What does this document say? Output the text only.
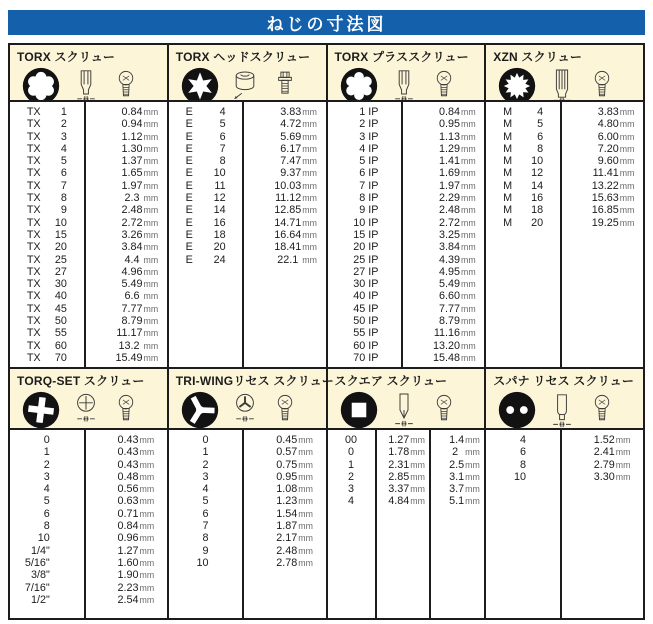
ねじの寸法図
TORX スクリュー
TX 1
TX 2
TX 3
TX 4
TX 5
TX 6
TX 7
TX 8
TX 9
TX 10
TX 15
TX 20
TX 25
TX 27
TX 30
TX 40
TX 45
TX 50
TX 55
TX 60
TX 70
0.84 mm
0.94 mm
1.12 mm
1.30 mm
1.37 mm
1.65 mm
1.97 mm
2.3 mm
2.48 mm
2.72 mm
3.26 mm
3.84 mm
4.4 mm
4.96 mm
5.49 mm
6.6 mm
7.77 mm
8.79 mm
11.17 mm
13.2 mm
15.49 mm
TORX ヘッドスクリュー
E 4
E 5
E 6
E 7
E 8
E 10
E 11
E 12
E 14
E 16
E 18
E 20
E 24
3.83 mm
4.72 mm
5.69 mm
6.17 mm
7.47 mm
9.37 mm
10.03 mm
11.12 mm
12.85 mm
14.71 mm
16.64 mm
18.41 mm
22.1 mm
TORX プラススクリュー
1 IP
2 IP
3 IP
4 IP
5 IP
6 IP
7 IP
8 IP
9 IP
10 IP
15 IP
20 IP
25 IP
27 IP
30 IP
40 IP
45 IP
50 IP
55 IP
60 IP
70 IP
0.84 mm
0.95 mm
1.13 mm
1.29 mm
1.41 mm
1.69 mm
1.97 mm
2.29 mm
2.48 mm
2.72 mm
3.25 mm
3.84 mm
4.39 mm
4.95 mm
5.49 mm
6.60 mm
7.77 mm
8.79 mm
11.16 mm
13.20 mm
15.48 mm
XZN スクリュー
M 4
M 5
M 6
M 8
M 10
M 12
M 14
M 16
M 18
M 20
3.83 mm
4.80 mm
6.00 mm
7.20 mm
9.60 mm
11.41 mm
13.22 mm
15.63 mm
16.85 mm
19.25 mm
TORQ-SET スクリュー
0
1
2
3
4
5
6
8
10
1/4"
5/16"
3/8"
7/16"
1/2"
0.43 mm
0.43 mm
0.43 mm
0.48 mm
0.56 mm
0.63 mm
0.71 mm
0.84 mm
0.96 mm
1.27 mm
1.60 mm
1.90 mm
2.23 mm
2.54 mm
TRI-WINGリセス スクリュー
0
1
2
3
4
5
6
7
8
9
10
0.45 mm
0.57 mm
0.75 mm
0.95 mm
1.08 mm
1.23 mm
1.54 mm
1.87 mm
2.17 mm
2.48 mm
2.78 mm
スクエア スクリュー
00
0
1
2
3
4
1.27 mm
1.78 mm
2.31 mm
2.85 mm
3.37 mm
4.84 mm
1.4 mm
2 mm
2.5 mm
3.1 mm
3.7 mm
5.1 mm
スパナ リセス スクリュー
4
6
8
10
1.52 mm
2.41 mm
2.79 mm
3.30 mm
